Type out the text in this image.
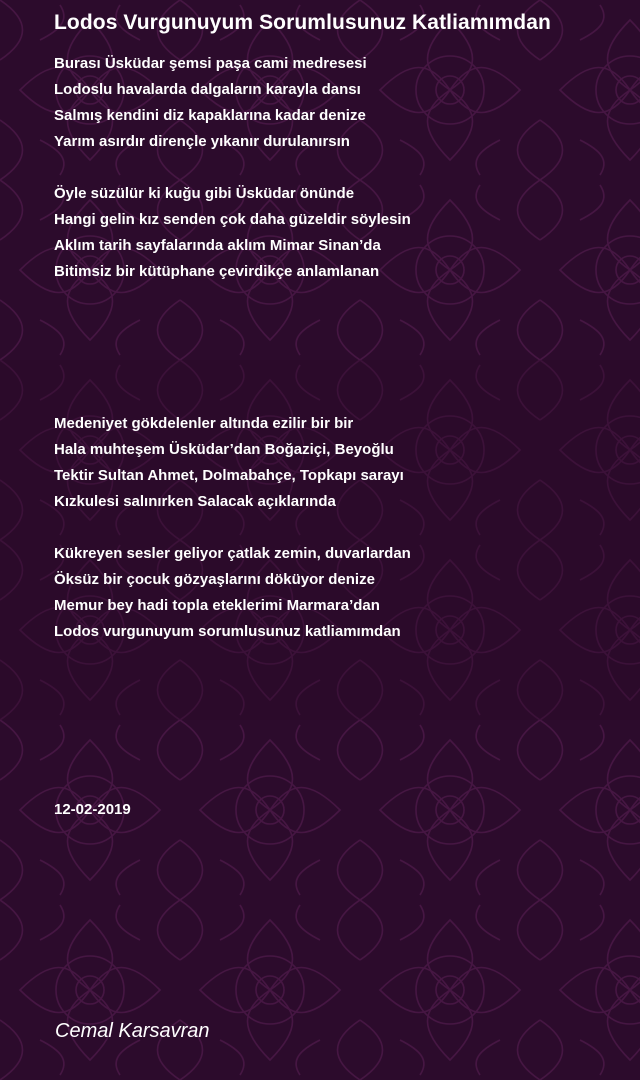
Lodos Vurgunuyum Sorumlusunuz Katliamımdan
Burası Üsküdar şemsi paşa cami medresesi
Lodoslu havalarda dalgaların karayla dansı
Salmış kendini diz kapaklarına kadar denize
Yarım asırdır dirençle yıkanır durulanırsın
Öyle süzülür ki kuğu gibi Üsküdar önünde
Hangi gelin kız senden çok daha güzeldir söylesin
Aklım tarih sayfalarında aklım Mimar Sinan’da
Bitimsiz bir kütüphane çevirdikçe anlamlanan
Medeniyet gökdelenler altında ezilir bir bir
Hala muhteşem Üsküdar’dan Boğaziçi, Beyoğlu
Tektir Sultan Ahmet, Dolmabahçe, Topkapı sarayı
Kızkulesi salınırken Salacak açıklarında
Kükreyen sesler geliyor çatlak zemin, duvarlardan
Öksüz bir çocuk gözyaşlarını döküyor denize
Memur bey hadi topla eteklerimi Marmara’dan
Lodos vurgunuyum sorumlusunuz katliamımdan
12-02-2019
Cemal Karsavran
